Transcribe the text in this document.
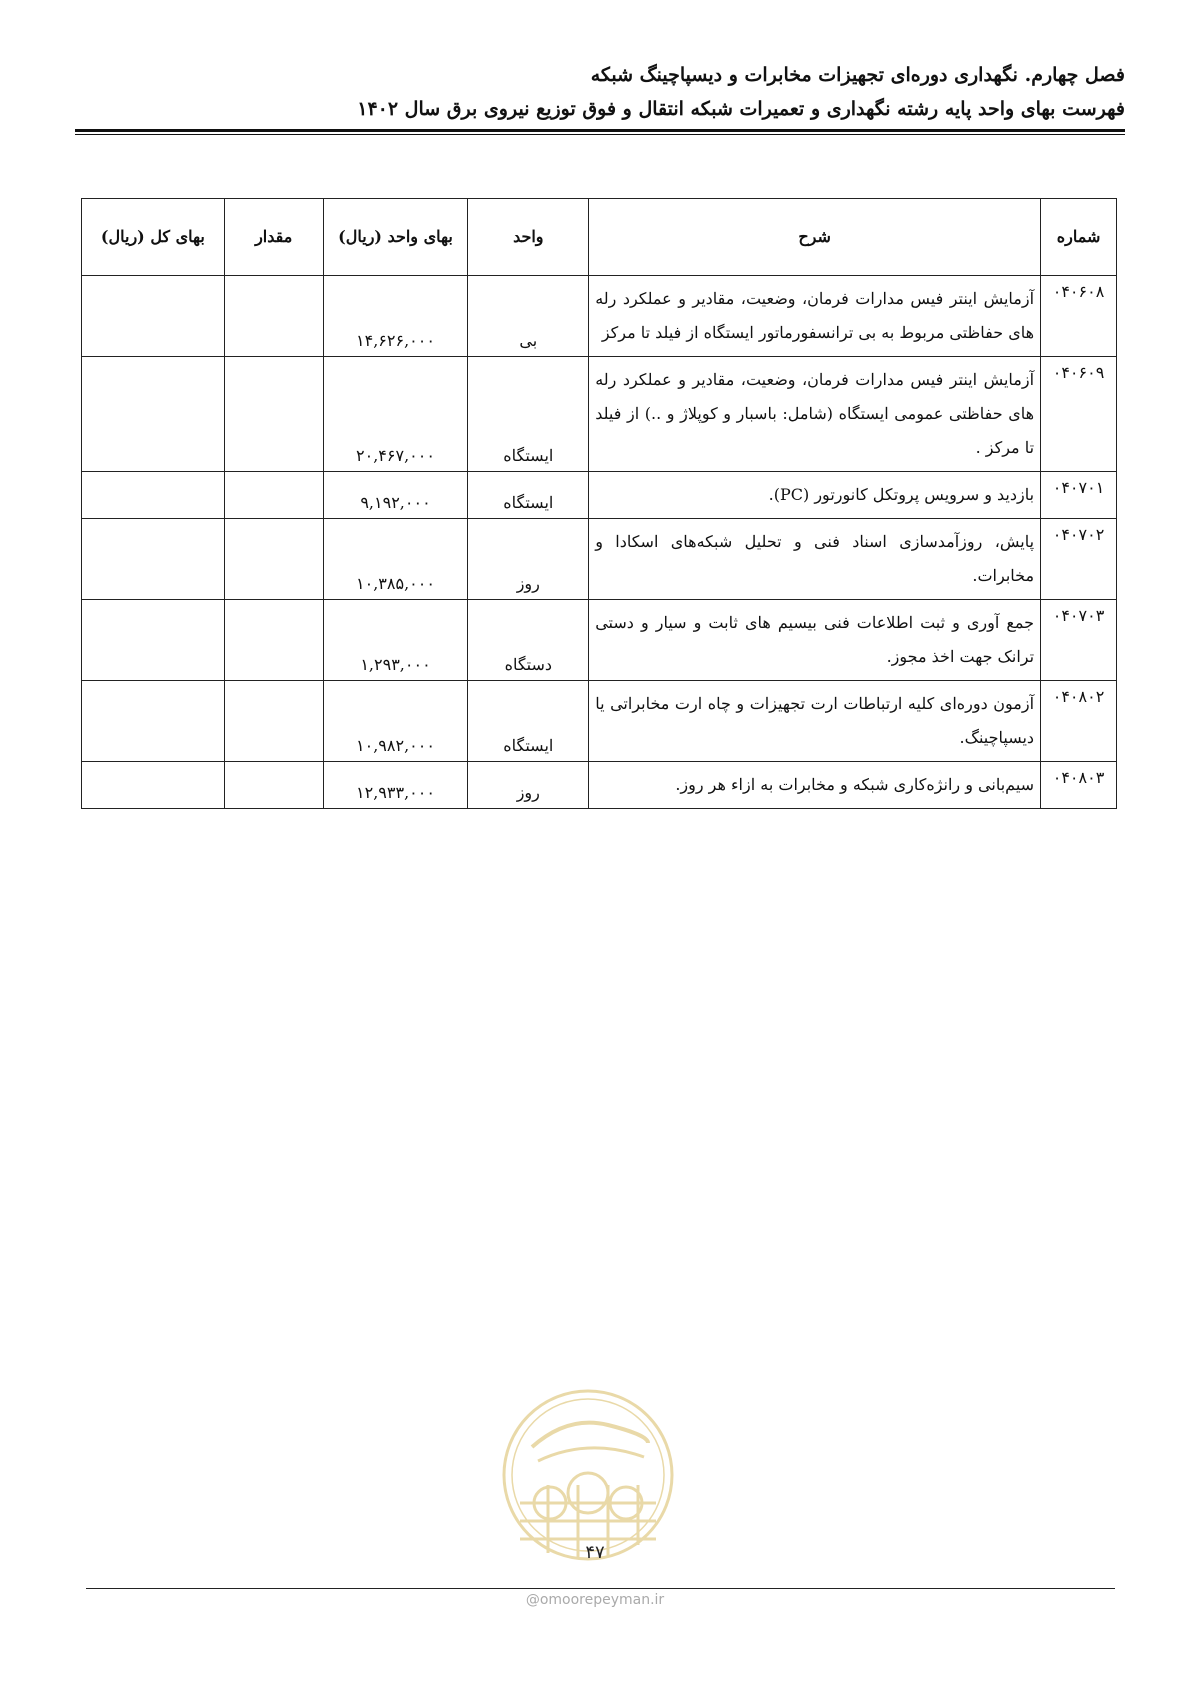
فصل چهارم. نگهداری دوره‌ای تجهیزات مخابرات و دیسپاچینگ شبکه
فهرست بهای واحد پایه رشته نگهداری و تعمیرات شبکه انتقال و فوق توزیع نیروی برق سال ۱۴۰۲
شماره	شرح	واحد	بهای واحد (ریال)	مقدار	بهای کل (ریال)
۰۴۰۶۰۸	آزمایش اینتر فیس مدارات فرمان، وضعیت، مقادیر و عملکرد رله های حفاظتی مربوط به بی ترانسفورماتور ایستگاه از فیلد تا مرکز	بی	۱۴,۶۲۶,۰۰۰		
۰۴۰۶۰۹	آزمایش اینتر فیس مدارات فرمان، وضعیت، مقادیر و عملکرد رله های حفاظتی عمومی ایستگاه (شامل: باسبار و کوپلاژ و ..) از فیلد تا مرکز .	ایستگاه	۲۰,۴۶۷,۰۰۰		
۰۴۰۷۰۱	بازدید و سرویس پروتکل کانورتور (PC).	ایستگاه	۹,۱۹۲,۰۰۰		
۰۴۰۷۰۲	پایش، روزآمدسازی اسناد فنی و تحلیل شبکه‌های اسکادا و مخابرات.	روز	۱۰,۳۸۵,۰۰۰		
۰۴۰۷۰۳	جمع آوری و ثبت اطلاعات فنی بیسیم های ثابت و سیار و دستی ترانک جهت اخذ مجوز.	دستگاه	۱,۲۹۳,۰۰۰		
۰۴۰۸۰۲	آزمون دوره‌ای کلیه ارتباطات ارت تجهیزات و چاه ارت مخابراتی یا دیسپاچینگ.	ایستگاه	۱۰,۹۸۲,۰۰۰		
۰۴۰۸۰۳	سیم‌بانی و رانژه‌کاری شبکه و مخابرات به ازاء هر روز.	روز	۱۲,۹۳۳,۰۰۰		
۴۷
@omoorepeyman.ir
